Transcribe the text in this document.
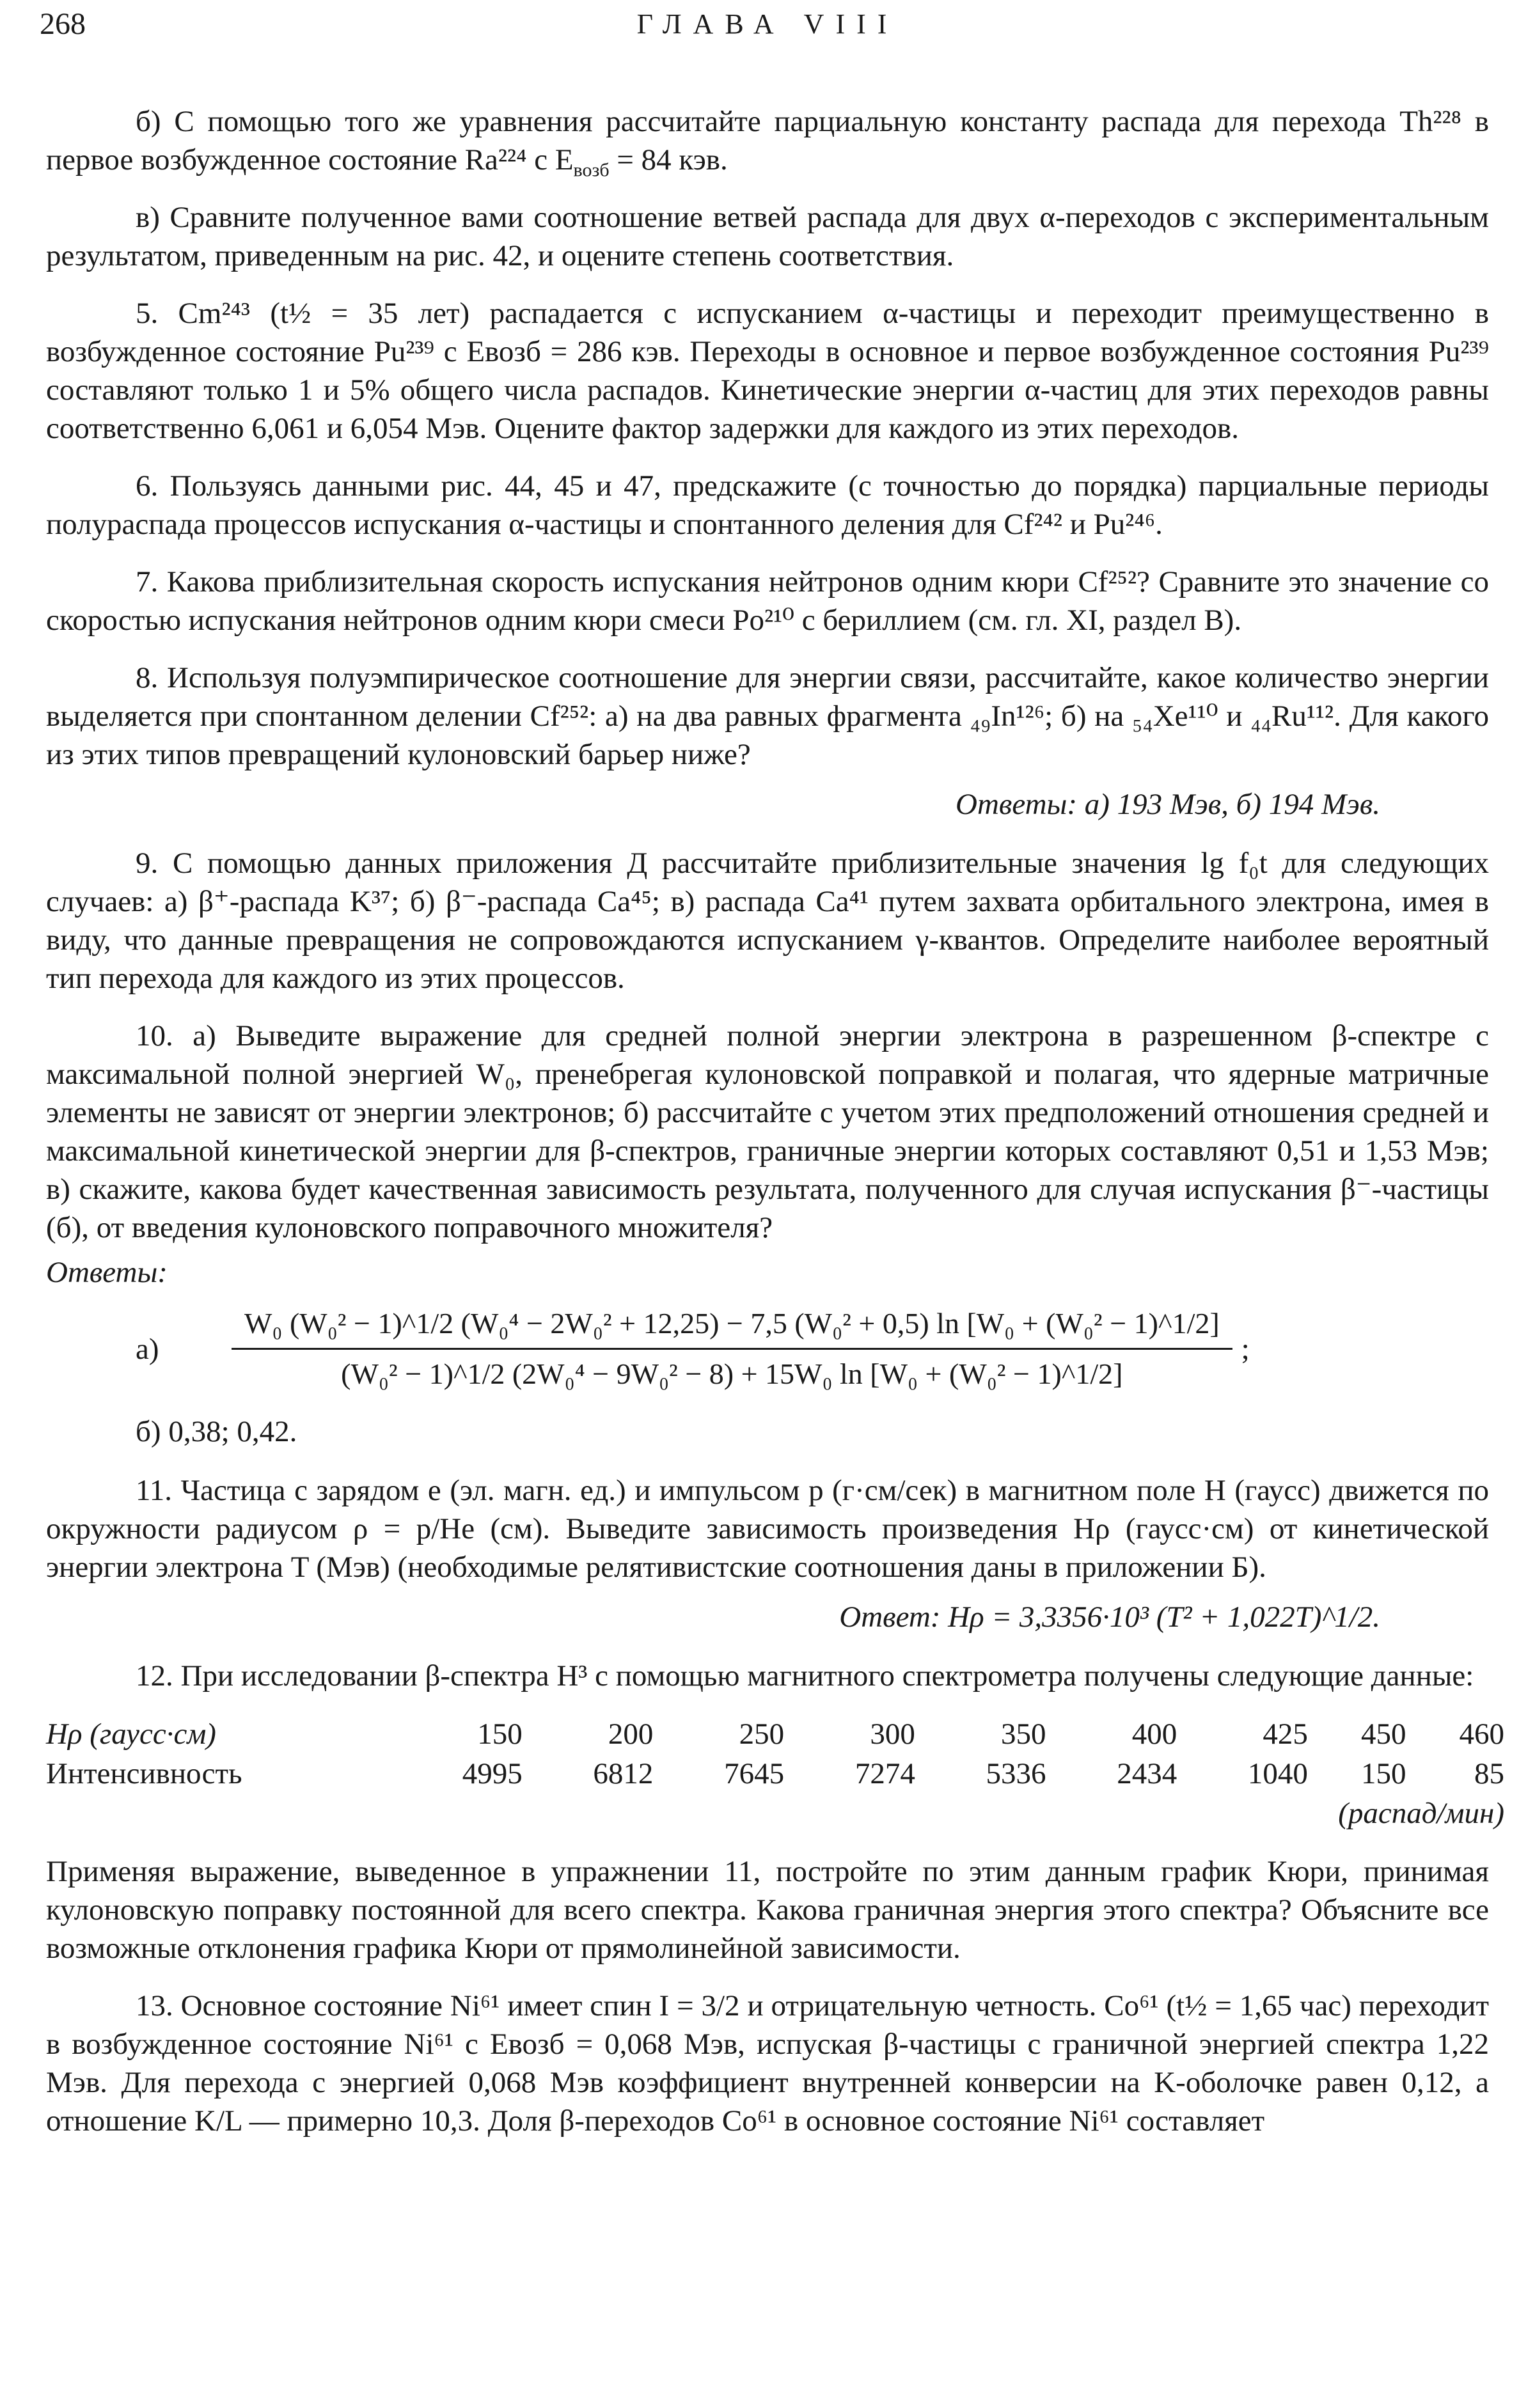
268	ГЛАВА VIII

б) С помощью того же уравнения рассчитайте парциальную константу распада для перехода Th²²⁸ в первое возбужденное состояние Ra²²⁴ с $E_{возб} = 84$ кэв.

в) Сравните полученное вами соотношение ветвей распада для двух α-переходов с экспериментальным результатом, приведенным на рис. 42, и оцените степень соответствия.

5. Cm²⁴³ (t½ = 35 лет) распадается с испусканием α-частицы и переходит преимущественно в возбужденное состояние Pu²³⁹ с Eвозб = 286 кэв. Переходы в основное и первое возбужденное состояния Pu²³⁹ составляют только 1 и 5% общего числа распадов. Кинетические энергии α-частиц для этих переходов равны соответственно 6,061 и 6,054 Мэв. Оцените фактор задержки для каждого из этих переходов.

6. Пользуясь данными рис. 44, 45 и 47, предскажите (с точностью до порядка) парциальные периоды полураспада процессов испускания α-частицы и спонтанного деления для Cf²⁴² и Pu²⁴⁶.

7. Какова приблизительная скорость испускания нейтронов одним кюри Cf²⁵²? Сравните это значение со скоростью испускания нейтронов одним кюри смеси Po²¹⁰ с бериллием (см. гл. XI, раздел В).

8. Используя полуэмпирическое соотношение для энергии связи, рассчитайте, какое количество энергии выделяется при спонтанном делении Cf²⁵²: а) на два равных фрагмента ₄₉In¹²⁶; б) на ₅₄Xe¹¹⁰ и ₄₄Ru¹¹². Для какого из этих типов превращений кулоновский барьер ниже?

Ответы: а) 193 Мэв, б) 194 Мэв.

9. С помощью данных приложения Д рассчитайте приблизительные значения lg f₀t для следующих случаев: а) β⁺-распада K³⁷; б) β⁻-распада Ca⁴⁵; в) распада Ca⁴¹ путем захвата орбитального электрона, имея в виду, что данные превращения не сопровождаются испусканием γ-квантов. Определите наиболее вероятный тип перехода для каждого из этих процессов.

10. а) Выведите выражение для средней полной энергии электрона в разрешенном β-спектре с максимальной полной энергией W₀, пренебрегая кулоновской поправкой и полагая, что ядерные матричные элементы не зависят от энергии электронов; б) рассчитайте с учетом этих предположений отношения средней и максимальной кинетической энергии для β-спектров, граничные энергии которых составляют 0,51 и 1,53 Мэв; в) скажите, какова будет качественная зависимость результата, полученного для случая испускания β⁻-частицы (б), от введения кулоновского поправочного множителя?

Ответы:
а)
W₀ (W₀² − 1)^1/2 (W₀⁴ − 2W₀² + 12,25) − 7,5 (W₀² + 0,5) ln [W₀ + (W₀² − 1)^1/2]
(W₀² − 1)^1/2 (2W₀⁴ − 9W₀² − 8) + 15W₀ ln [W₀ + (W₀² − 1)^1/2]
;
б) 0,38; 0,42.

11. Частица с зарядом e (эл. магн. ед.) и импульсом p (г·см/сек) в магнитном поле H (гаусс) движется по окружности радиусом ρ = p/He (см). Выведите зависимость произведения Hρ (гаусс·см) от кинетической энергии электрона T (Мэв) (необходимые релятивистские соотношения даны в приложении Б).

Ответ: Hρ = 3,3356·10³ (T² + 1,022T)^1/2.

12. При исследовании β-спектра H³ с помощью магнитного спектрометра получены следующие данные:

Hρ (гаусс·см)	150	200	250	300	350	400	425	450	460
Интенсивность	4995	6812	7645	7274	5336	2434	1040	150	85
(распад/мин)									

Применяя выражение, выведенное в упражнении 11, постройте по этим данным график Кюри, принимая кулоновскую поправку постоянной для всего спектра. Какова граничная энергия этого спектра? Объясните все возможные отклонения графика Кюри от прямолинейной зависимости.

13. Основное состояние Ni⁶¹ имеет спин I = 3/2 и отрицательную четность. Co⁶¹ (t½ = 1,65 час) переходит в возбужденное состояние Ni⁶¹ с Eвозб = 0,068 Мэв, испуская β-частицы с граничной энергией спектра 1,22 Мэв. Для перехода с энергией 0,068 Мэв коэффициент внутренней конверсии на K-оболочке равен 0,12, а отношение K/L — примерно 10,3. Доля β-переходов Co⁶¹ в основное состояние Ni⁶¹ составляет
